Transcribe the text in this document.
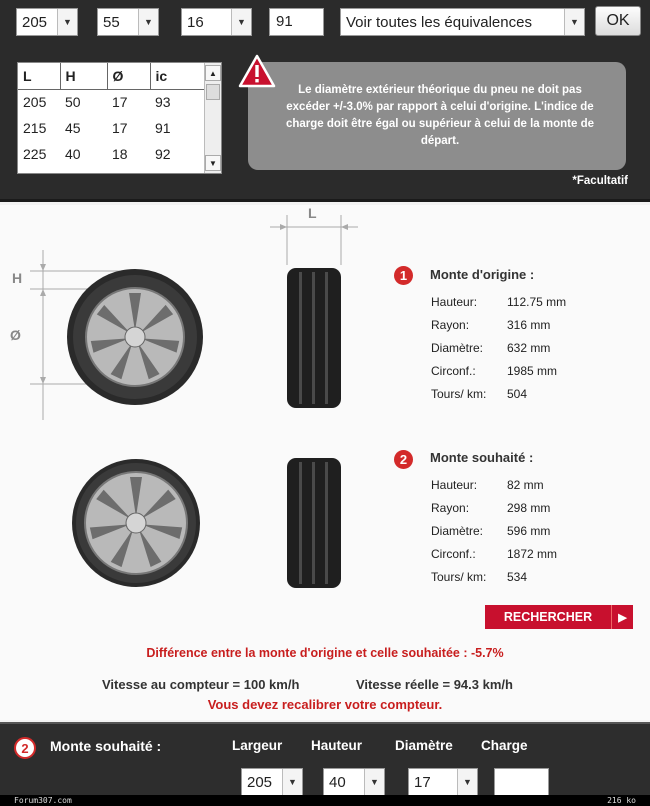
205	▼	55	▼	16	▼	91	Voir toutes les équivalences	▼	OK
L	H	Ø	ic
205	50	17	93
215	45	17	91
225	40	18	92
▲
▼
Le diamètre extérieur théorique du pneu ne doit pas excéder +/-3.0% par rapport à celui d'origine. L'indice de charge doit être égal ou supérieur à celui de la monte de départ.
*Facultatif
L
H
Ø
1	Monte d'origine :
Hauteur:	112.75 mm
Rayon:	316 mm
Diamètre:	632 mm
Circonf.:	1985 mm
Tours/ km:	504
2	Monte souhaité :
Hauteur:	82 mm
Rayon:	298 mm
Diamètre:	596 mm
Circonf.:	1872 mm
Tours/ km:	534
RECHERCHER	▶
Différence entre la monte d'origine et celle souhaitée : -5.7%
Vitesse au compteur = 100 km/h	Vitesse réelle = 94.3 km/h
Vous devez recalibrer votre compteur.
2	Monte souhaité :	Largeur Hauteur Diamètre Charge
205	▼	40	▼	17	▼
Forum307.com	216 ko
